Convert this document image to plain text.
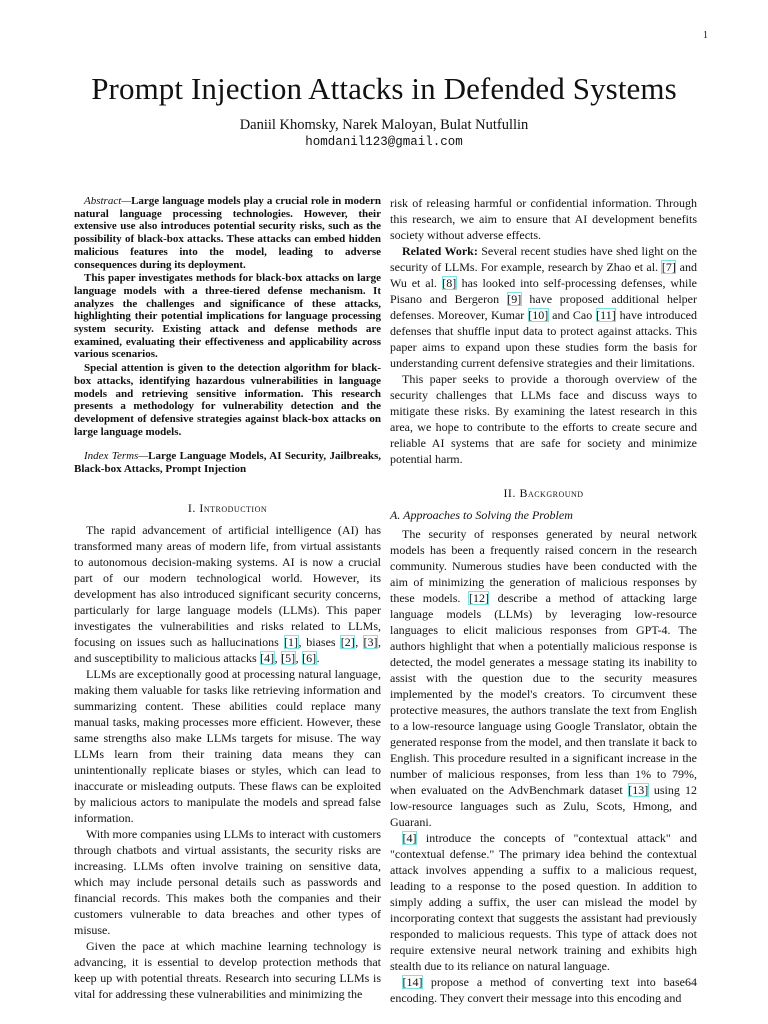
1
Prompt Injection Attacks in Defended Systems
Daniil Khomsky, Narek Maloyan, Bulat Nutfullin
homdanil123@gmail.com

Abstract—Large language models play a crucial role in modern natural language processing technologies. However, their extensive use also introduces potential security risks, such as the possibility of black-box attacks. These attacks can embed hidden malicious features into the model, leading to adverse consequences during its deployment.

This paper investigates methods for black-box attacks on large language models with a three-tiered defense mechanism. It analyzes the challenges and significance of these attacks, highlighting their potential implications for language processing system security. Existing attack and defense methods are examined, evaluating their effectiveness and applicability across various scenarios.

Special attention is given to the detection algorithm for black-box attacks, identifying hazardous vulnerabilities in language models and retrieving sensitive information. This research presents a methodology for vulnerability detection and the development of defensive strategies against black-box attacks on large language models.

Index Terms—Large Language Models, AI Security, Jailbreaks, Black-box Attacks, Prompt Injection

I. Introduction

The rapid advancement of artificial intelligence (AI) has transformed many areas of modern life, from virtual assistants to autonomous decision-making systems. AI is now a crucial part of our modern technological world. However, its development has also introduced significant security concerns, particularly for large language models (LLMs). This paper investigates the vulnerabilities and risks related to LLMs, focusing on issues such as hallucinations [1], biases [2], [3], and susceptibility to malicious attacks [4], [5], [6].

LLMs are exceptionally good at processing natural language, making them valuable for tasks like retrieving information and summarizing content. These abilities could replace many manual tasks, making processes more efficient. However, these same strengths also make LLMs targets for misuse. The way LLMs learn from their training data means they can unintentionally replicate biases or styles, which can lead to inaccurate or misleading outputs. These flaws can be exploited by malicious actors to manipulate the models and spread false information.

With more companies using LLMs to interact with customers through chatbots and virtual assistants, the security risks are increasing. LLMs often involve training on sensitive data, which may include personal details such as passwords and financial records. This makes both the companies and their customers vulnerable to data breaches and other types of misuse.

Given the pace at which machine learning technology is advancing, it is essential to develop protection methods that keep up with potential threats. Research into securing LLMs is vital for addressing these vulnerabilities and minimizing the

risk of releasing harmful or confidential information. Through this research, we aim to ensure that AI development benefits society without adverse effects.

Related Work: Several recent studies have shed light on the security of LLMs. For example, research by Zhao et al. [7] and Wu et al. [8] has looked into self-processing defenses, while Pisano and Bergeron [9] have proposed additional helper defenses. Moreover, Kumar [10] and Cao [11] have introduced defenses that shuffle input data to protect against attacks. This paper aims to expand upon these studies form the basis for understanding current defensive strategies and their limitations.

This paper seeks to provide a thorough overview of the security challenges that LLMs face and discuss ways to mitigate these risks. By examining the latest research in this area, we hope to contribute to the efforts to create secure and reliable AI systems that are safe for society and minimize potential harm.

II. Background
A. Approaches to Solving the Problem

The security of responses generated by neural network models has been a frequently raised concern in the research community. Numerous studies have been conducted with the aim of minimizing the generation of malicious responses by these models. [12] describe a method of attacking large language models (LLMs) by leveraging low-resource languages to elicit malicious responses from GPT-4. The authors highlight that when a potentially malicious response is detected, the model generates a message stating its inability to assist with the question due to the security measures implemented by the model's creators. To circumvent these protective measures, the authors translate the text from English to a low-resource language using Google Translator, obtain the generated response from the model, and then translate it back to English. This procedure resulted in a significant increase in the number of malicious responses, from less than 1% to 79%, when evaluated on the AdvBenchmark dataset [13] using 12 low-resource languages such as Zulu, Scots, Hmong, and Guarani.

[4] introduce the concepts of "contextual attack" and "contextual defense." The primary idea behind the contextual attack involves appending a suffix to a malicious request, leading to a response to the posed question. In addition to simply adding a suffix, the user can mislead the model by incorporating context that suggests the assistant had previously responded to malicious requests. This type of attack does not require extensive neural network training and exhibits high stealth due to its reliance on natural language.

[14] propose a method of converting text into base64 encoding. They convert their message into this encoding and
